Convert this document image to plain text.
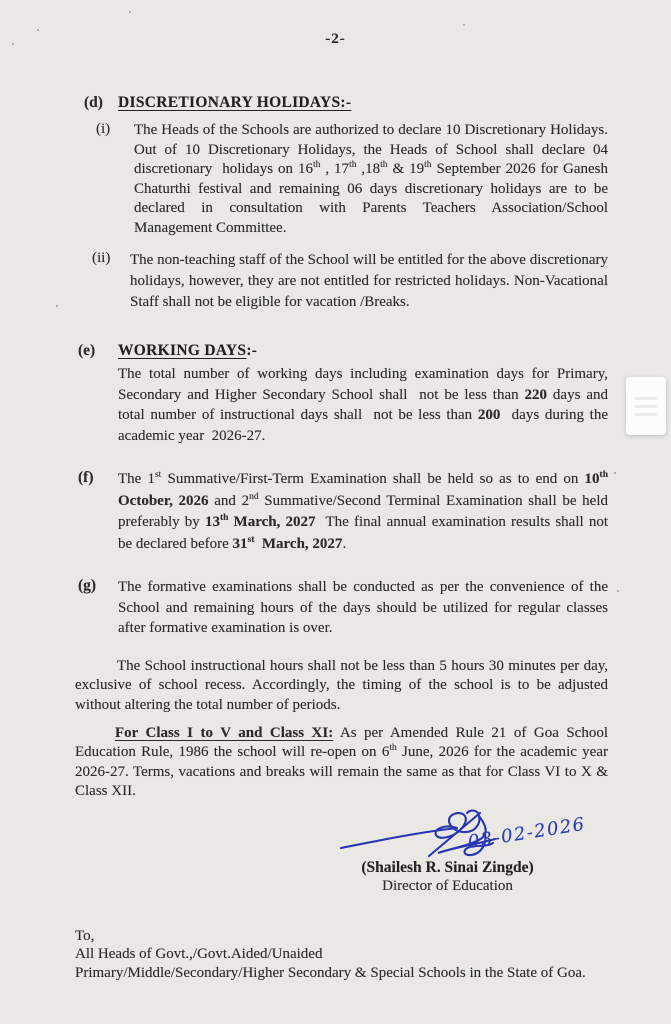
-2-
(d) DISCRETIONARY HOLIDAYS:-
(i)	The Heads of the Schools are authorized to declare 10 Discretionary Holidays. Out of 10 Discretionary Holidays, the Heads of School shall declare 04 discretionary  holidays on 16th , 17th ,18th & 19th September 2026 for Ganesh Chaturthi festival and remaining 06 days discretionary holidays are to be declared in consultation with Parents Teachers Association/School Management Committee.

(ii)	The non-teaching staff of the School will be entitled for the above discretionary holidays, however, they are not entitled for restricted holidays. Non-Vacational Staff shall not be eligible for vacation /Breaks.

(e)	WORKING DAYS:-

The total number of working days including examination days for Primary, Secondary and Higher Secondary School shall  not be less than 220 days and total number of instructional days shall  not be less than 200  days during the academic year  2026-27.

(f)	The 1st Summative/First-Term Examination shall be held so as to end on 10th October, 2026 and 2nd Summative/Second Terminal Examination shall be held preferably by 13th March, 2027  The final annual examination results shall not be declared before 31st  March, 2027.

(g)	The formative examinations shall be conducted as per the convenience of the School and remaining hours of the days should be utilized for regular classes after formative examination is over.

The School instructional hours shall not be less than 5 hours 30 minutes per day, exclusive of school recess. Accordingly, the timing of the school is to be adjusted without altering the total number of periods.

For Class I to V and Class XI: As per Amended Rule 21 of Goa School Education Rule, 1986 the school will re-open on 6th June, 2026 for the academic year 2026-27. Terms, vacations and breaks will remain the same as that for Class VI to X & Class XII.

03-02-2026
(Shailesh R. Sinai Zingde)
Director of Education
To,
All Heads of Govt.,/Govt.Aided/Unaided
Primary/Middle/Secondary/Higher Secondary & Special Schools in the State of Goa.
